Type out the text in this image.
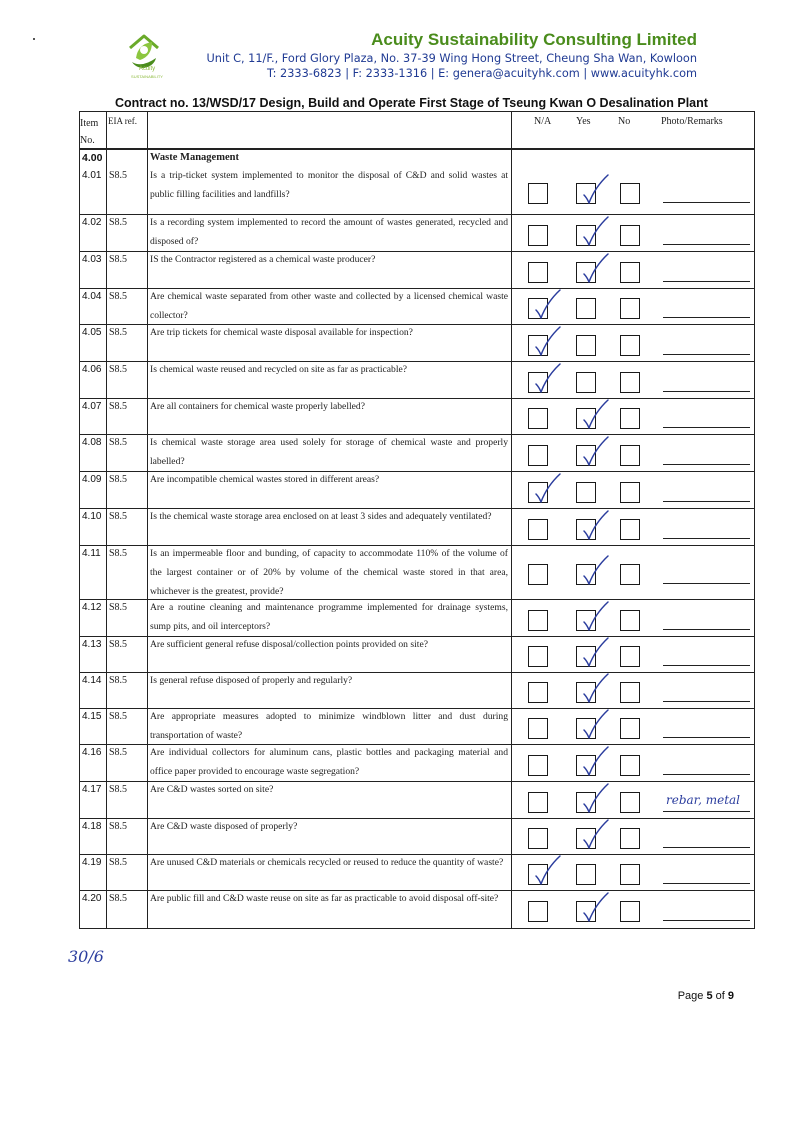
Acuity
SUSTAINABILITY
Acuity Sustainability Consulting Limited
Unit C, 11/F., Ford Glory Plaza, No. 37-39 Wing Hong Street, Cheung Sha Wan, Kowloon
T: 2333-6823 | F: 2333-1316 | E: genera@acuityhk.com | www.acuityhk.com
Contract no. 13/WSD/17 Design, Build and Operate First Stage of Tseung Kwan O Desalination Plant
Item
No.
EIA ref.	N/A Yes	No	Photo/Remarks
4.00	Waste Management
4.01 S8.5 Is a trip-ticket system implemented to monitor the disposal of C&D and solid wastes at public filling facilities and landfills?
4.02 S8.5 Is a recording system implemented to record the amount of wastes generated, recycled and disposed of?
4.03 S8.5 IS the Contractor registered as a chemical waste producer?
4.04 S8.5 Are chemical waste separated from other waste and collected by a licensed chemical waste collector?
4.05 S8.5 Are trip tickets for chemical waste disposal available for inspection?
4.06 S8.5 Is chemical waste reused and recycled on site as far as practicable?
4.07 S8.5 Are all containers for chemical waste properly labelled?
4.08 S8.5 Is chemical waste storage area used solely for storage of chemical waste and properly labelled?
4.09 S8.5 Are incompatible chemical wastes stored in different areas?
4.10 S8.5 Is the chemical waste storage area enclosed on at least 3 sides and adequately ventilated?
4.11 S8.5 Is an impermeable floor and bunding, of capacity to accommodate 110% of the volume of the largest container or of 20% by volume of the chemical waste stored in that area, whichever is the greatest, provide?
4.12 S8.5 Are a routine cleaning and maintenance programme implemented for drainage systems, sump pits, and oil interceptors?
4.13 S8.5 Are sufficient general refuse disposal/collection points provided on site?
4.14 S8.5 Is general refuse disposed of properly and regularly?
4.15 S8.5 Are appropriate measures adopted to minimize windblown litter and dust during transportation of waste?
4.16 S8.5 Are individual collectors for aluminum cans, plastic bottles and packaging material and office paper provided to encourage waste segregation?
4.17 S8.5 Are C&D wastes sorted on site?
rebar, metal
4.18 S8.5 Are C&D waste disposed of properly?
4.19 S8.5 Are unused C&D materials or chemicals recycled or reused to reduce the quantity of waste?
4.20 S8.5 Are public fill and C&D waste reuse on site as far as practicable to avoid disposal off-site?
30/6
Page 5 of 9
